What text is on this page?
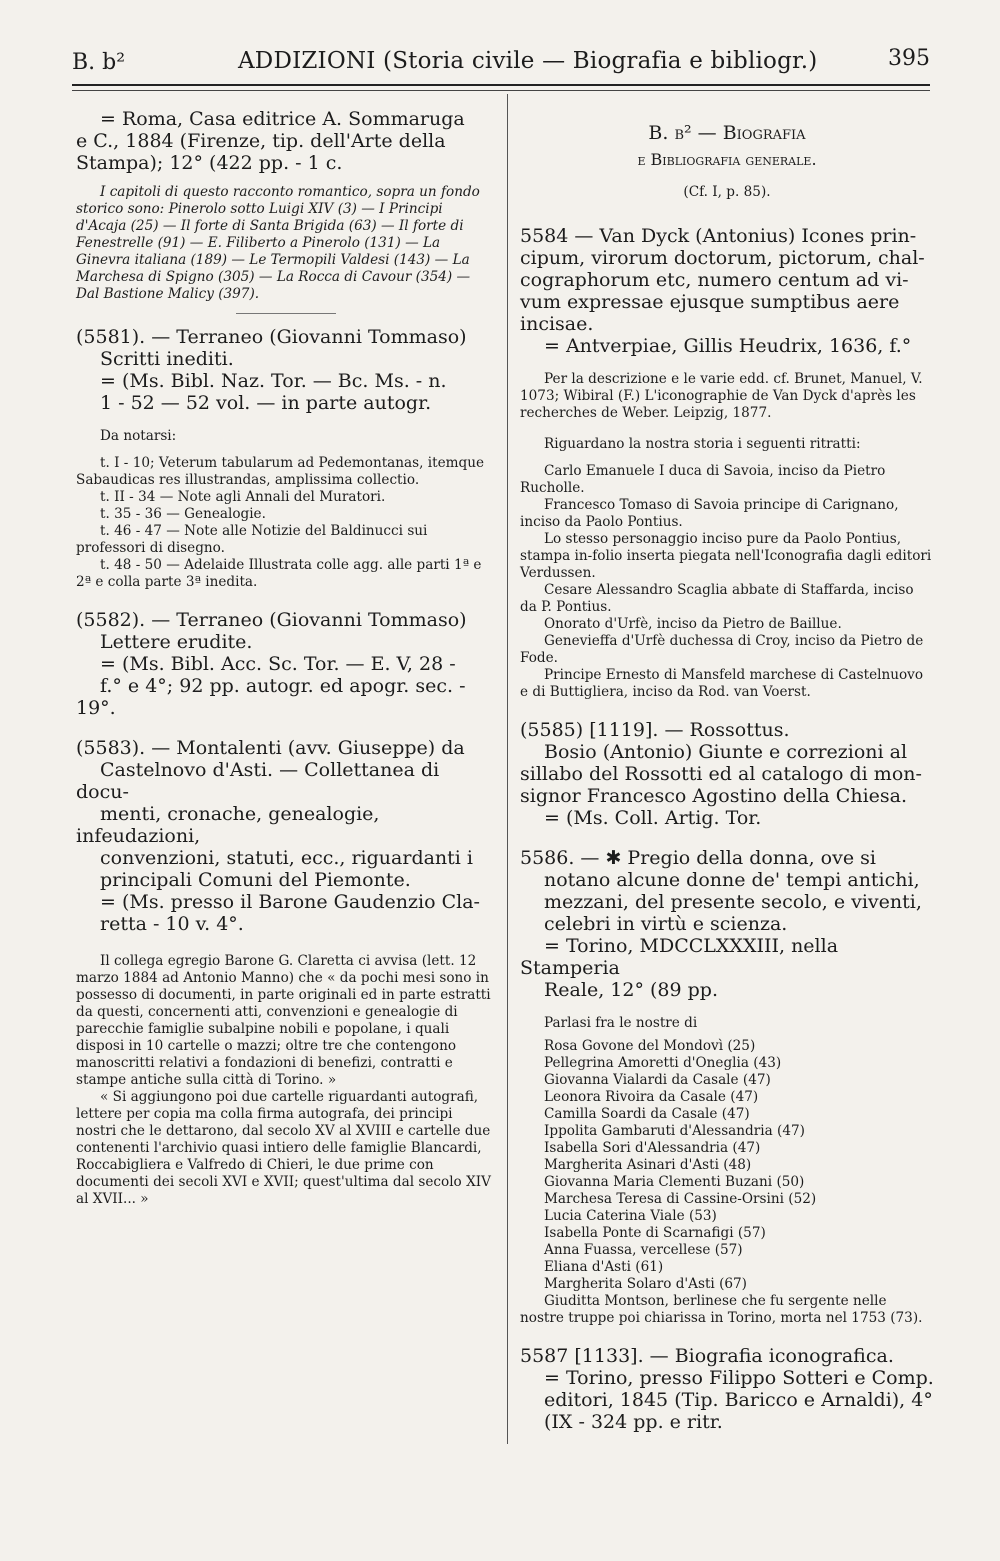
B. b²	ADDIZIONI (Storia civile — Biografia e bibliogr.)	395

= Roma, Casa editrice A. Sommaruga

e C., 1884 (Firenze, tip. dell'Arte della

Stampa); 12° (422 pp. - 1 c.

I capitoli di questo racconto romantico, sopra un fondo storico sono: Pinerolo sotto Luigi XIV (3) — I Principi d'Acaja (25) — Il forte di Santa Brigida (63) — Il forte di Fenestrelle (91) — E. Filiberto a Pinerolo (131) — La Ginevra italiana (189) — Le Termopili Valdesi (143) — La Marchesa di Spigno (305) — La Rocca di Cavour (354) — Dal Bastione Malicy (397).

(5581). — Terraneo (Giovanni Tommaso)

Scritti inediti.

= (Ms. Bibl. Naz. Tor. — Bc. Ms. - n.

1 - 52 — 52 vol. — in parte autogr.

Da notarsi:

t. I - 10; Veterum tabularum ad Pedemontanas, itemque Sabaudicas res illustrandas, amplissima collectio.

t. II - 34 — Note agli Annali del Muratori.

t. 35 - 36 — Genealogie.

t. 46 - 47 — Note alle Notizie del Baldinucci sui professori di disegno.

t. 48 - 50 — Adelaide Illustrata colle agg. alle parti 1ª e 2ª e colla parte 3ª inedita.

(5582). — Terraneo (Giovanni Tommaso)

Lettere erudite.

= (Ms. Bibl. Acc. Sc. Tor. — E. V, 28 -

f.° e 4°; 92 pp. autogr. ed apogr. sec. - 19°.

(5583). — Montalenti (avv. Giuseppe) da

Castelnovo d'Asti. — Collettanea di docu-

menti, cronache, genealogie, infeudazioni,

convenzioni, statuti, ecc., riguardanti i

principali Comuni del Piemonte.

= (Ms. presso il Barone Gaudenzio Cla-

retta - 10 v. 4°.

Il collega egregio Barone G. Claretta ci avvisa (lett. 12 marzo 1884 ad Antonio Manno) che « da pochi mesi sono in possesso di documenti, in parte originali ed in parte estratti da questi, concernenti atti, convenzioni e genealogie di parecchie famiglie subalpine nobili e popolane, i quali disposi in 10 cartelle o mazzi; oltre tre che contengono manoscritti relativi a fondazioni di benefizi, contratti e stampe antiche sulla città di Torino. »

« Si aggiungono poi due cartelle riguardanti autografi, lettere per copia ma colla firma autografa, dei principi nostri che le dettarono, dal secolo XV al XVIII e cartelle due contenenti l'archivio quasi intiero delle famiglie Blancardi, Roccabigliera e Valfredo di Chieri, le due prime con documenti dei secoli XVI e XVII; quest'ultima dal secolo XIV al XVII... »

B. b² — Biografia

e Bibliografia generale.

(Cf. I, p. 85).

5584 — Van Dyck (Antonius) Icones prin-

cipum, virorum doctorum, pictorum, chal-

cographorum etc, numero centum ad vi-

vum expressae ejusque sumptibus aere

incisae.

= Antverpiae, Gillis Heudrix, 1636, f.°

Per la descrizione e le varie edd. cf. Brunet, Manuel, V. 1073; Wibiral (F.) L'iconographie de Van Dyck d'après les recherches de Weber. Leipzig, 1877.

Riguardano la nostra storia i seguenti ritratti:

Carlo Emanuele I duca di Savoia, inciso da Pietro Rucholle.

Francesco Tomaso di Savoia principe di Carignano, inciso da Paolo Pontius.

Lo stesso personaggio inciso pure da Paolo Pontius, stampa in-folio inserta piegata nell'Iconografia dagli editori Verdussen.

Cesare Alessandro Scaglia abbate di Staffarda, inciso da P. Pontius.

Onorato d'Urfè, inciso da Pietro de Baillue.

Genevieffa d'Urfè duchessa di Croy, inciso da Pietro de Fode.

Principe Ernesto di Mansfeld marchese di Castelnuovo e di Buttigliera, inciso da Rod. van Voerst.

(5585) [1119]. — Rossottus.

Bosio (Antonio) Giunte e correzioni al

sillabo del Rossotti ed al catalogo di mon-

signor Francesco Agostino della Chiesa.

= (Ms. Coll. Artig. Tor.

5586. — ✱ Pregio della donna, ove si

notano alcune donne de' tempi antichi,

mezzani, del presente secolo, e viventi,

celebri in virtù e scienza.

= Torino, MDCCLXXXIII, nella Stamperia

Reale, 12° (89 pp.

Parlasi fra le nostre di

Rosa Govone del Mondovì (25)

Pellegrina Amoretti d'Oneglia (43)

Giovanna Vialardi da Casale (47)

Leonora Rivoira da Casale (47)

Camilla Soardi da Casale (47)

Ippolita Gambaruti d'Alessandria (47)

Isabella Sori d'Alessandria (47)

Margherita Asinari d'Asti (48)

Giovanna Maria Clementi Buzani (50)

Marchesa Teresa di Cassine-Orsini (52)

Lucia Caterina Viale (53)

Isabella Ponte di Scarnafigi (57)

Anna Fuassa, vercellese (57)

Eliana d'Asti (61)

Margherita Solaro d'Asti (67)

Giuditta Montson, berlinese che fu sergente nelle nostre truppe poi chiarissa in Torino, morta nel 1753 (73).

5587 [1133]. — Biografia iconografica.

= Torino, presso Filippo Sotteri e Comp.

editori, 1845 (Tip. Baricco e Arnaldi), 4°

(IX - 324 pp. e ritr.
